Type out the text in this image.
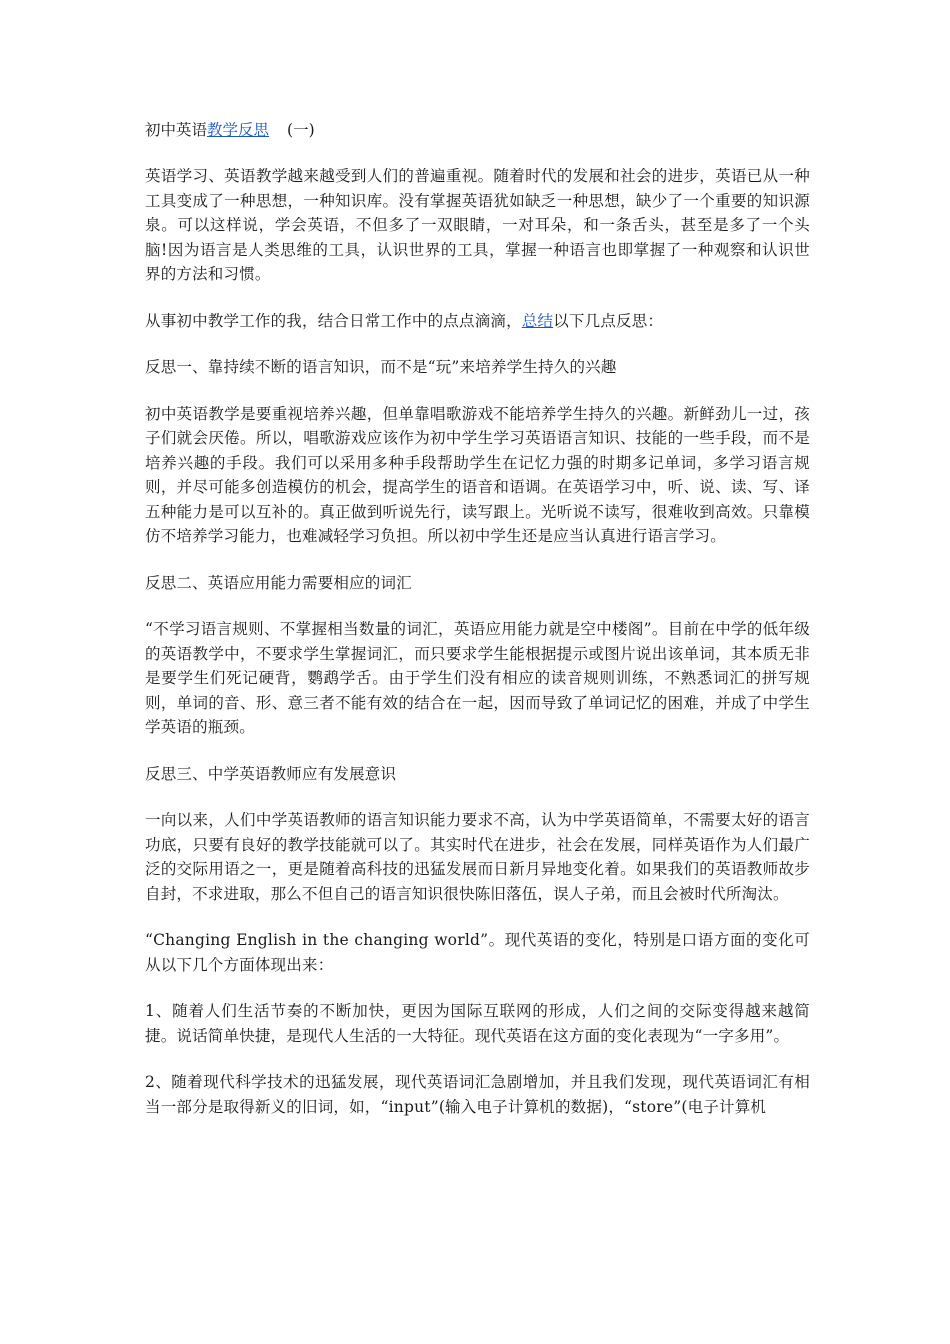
初中英语教学反思 (一)

英语学习、英语教学越来越受到人们的普遍重视。随着时代的发展和社会的进步，英语已从一种工具变成了一种思想，一种知识库。没有掌握英语犹如缺乏一种思想，缺少了一个重要的知识源泉。可以这样说，学会英语，不但多了一双眼睛，一对耳朵，和一条舌头，甚至是多了一个头脑!因为语言是人类思维的工具，认识世界的工具，掌握一种语言也即掌握了一种观察和认识世界的方法和习惯。

从事初中教学工作的我，结合日常工作中的点点滴滴，总结以下几点反思：

反思一、靠持续不断的语言知识，而不是“玩”来培养学生持久的兴趣

初中英语教学是要重视培养兴趣，但单靠唱歌游戏不能培养学生持久的兴趣。新鲜劲儿一过，孩子们就会厌倦。所以，唱歌游戏应该作为初中学生学习英语语言知识、技能的一些手段，而不是培养兴趣的手段。我们可以采用多种手段帮助学生在记忆力强的时期多记单词，多学习语言规则，并尽可能多创造模仿的机会，提高学生的语音和语调。在英语学习中，听、说、读、写、译五种能力是可以互补的。真正做到听说先行，读写跟上。光听说不读写，很难收到高效。只靠模仿不培养学习能力，也难减轻学习负担。所以初中学生还是应当认真进行语言学习。

反思二、英语应用能力需要相应的词汇

“不学习语言规则、不掌握相当数量的词汇，英语应用能力就是空中楼阁”。目前在中学的低年级的英语教学中，不要求学生掌握词汇，而只要求学生能根据提示或图片说出该单词，其本质无非是要学生们死记硬背，鹦鹉学舌。由于学生们没有相应的读音规则训练，不熟悉词汇的拼写规则，单词的音、形、意三者不能有效的结合在一起，因而导致了单词记忆的困难，并成了中学生学英语的瓶颈。

反思三、中学英语教师应有发展意识

一向以来，人们中学英语教师的语言知识能力要求不高，认为中学英语简单，不需要太好的语言功底，只要有良好的教学技能就可以了。其实时代在进步，社会在发展，同样英语作为人们最广泛的交际用语之一，更是随着高科技的迅猛发展而日新月异地变化着。如果我们的英语教师故步自封，不求进取，那么不但自己的语言知识很快陈旧落伍，误人子弟，而且会被时代所淘汰。

“Changing English in the changing world”。现代英语的变化，特别是口语方面的变化可从以下几个方面体现出来：

1、随着人们生活节奏的不断加快，更因为国际互联网的形成，人们之间的交际变得越来越简捷。说话简单快捷，是现代人生活的一大特征。现代英语在这方面的变化表现为“一字多用”。

2、随着现代科学技术的迅猛发展，现代英语词汇急剧增加，并且我们发现，现代英语词汇有相当一部分是取得新义的旧词，如，“input”(输入电子计算机的数据)，“store”(电子计算机
